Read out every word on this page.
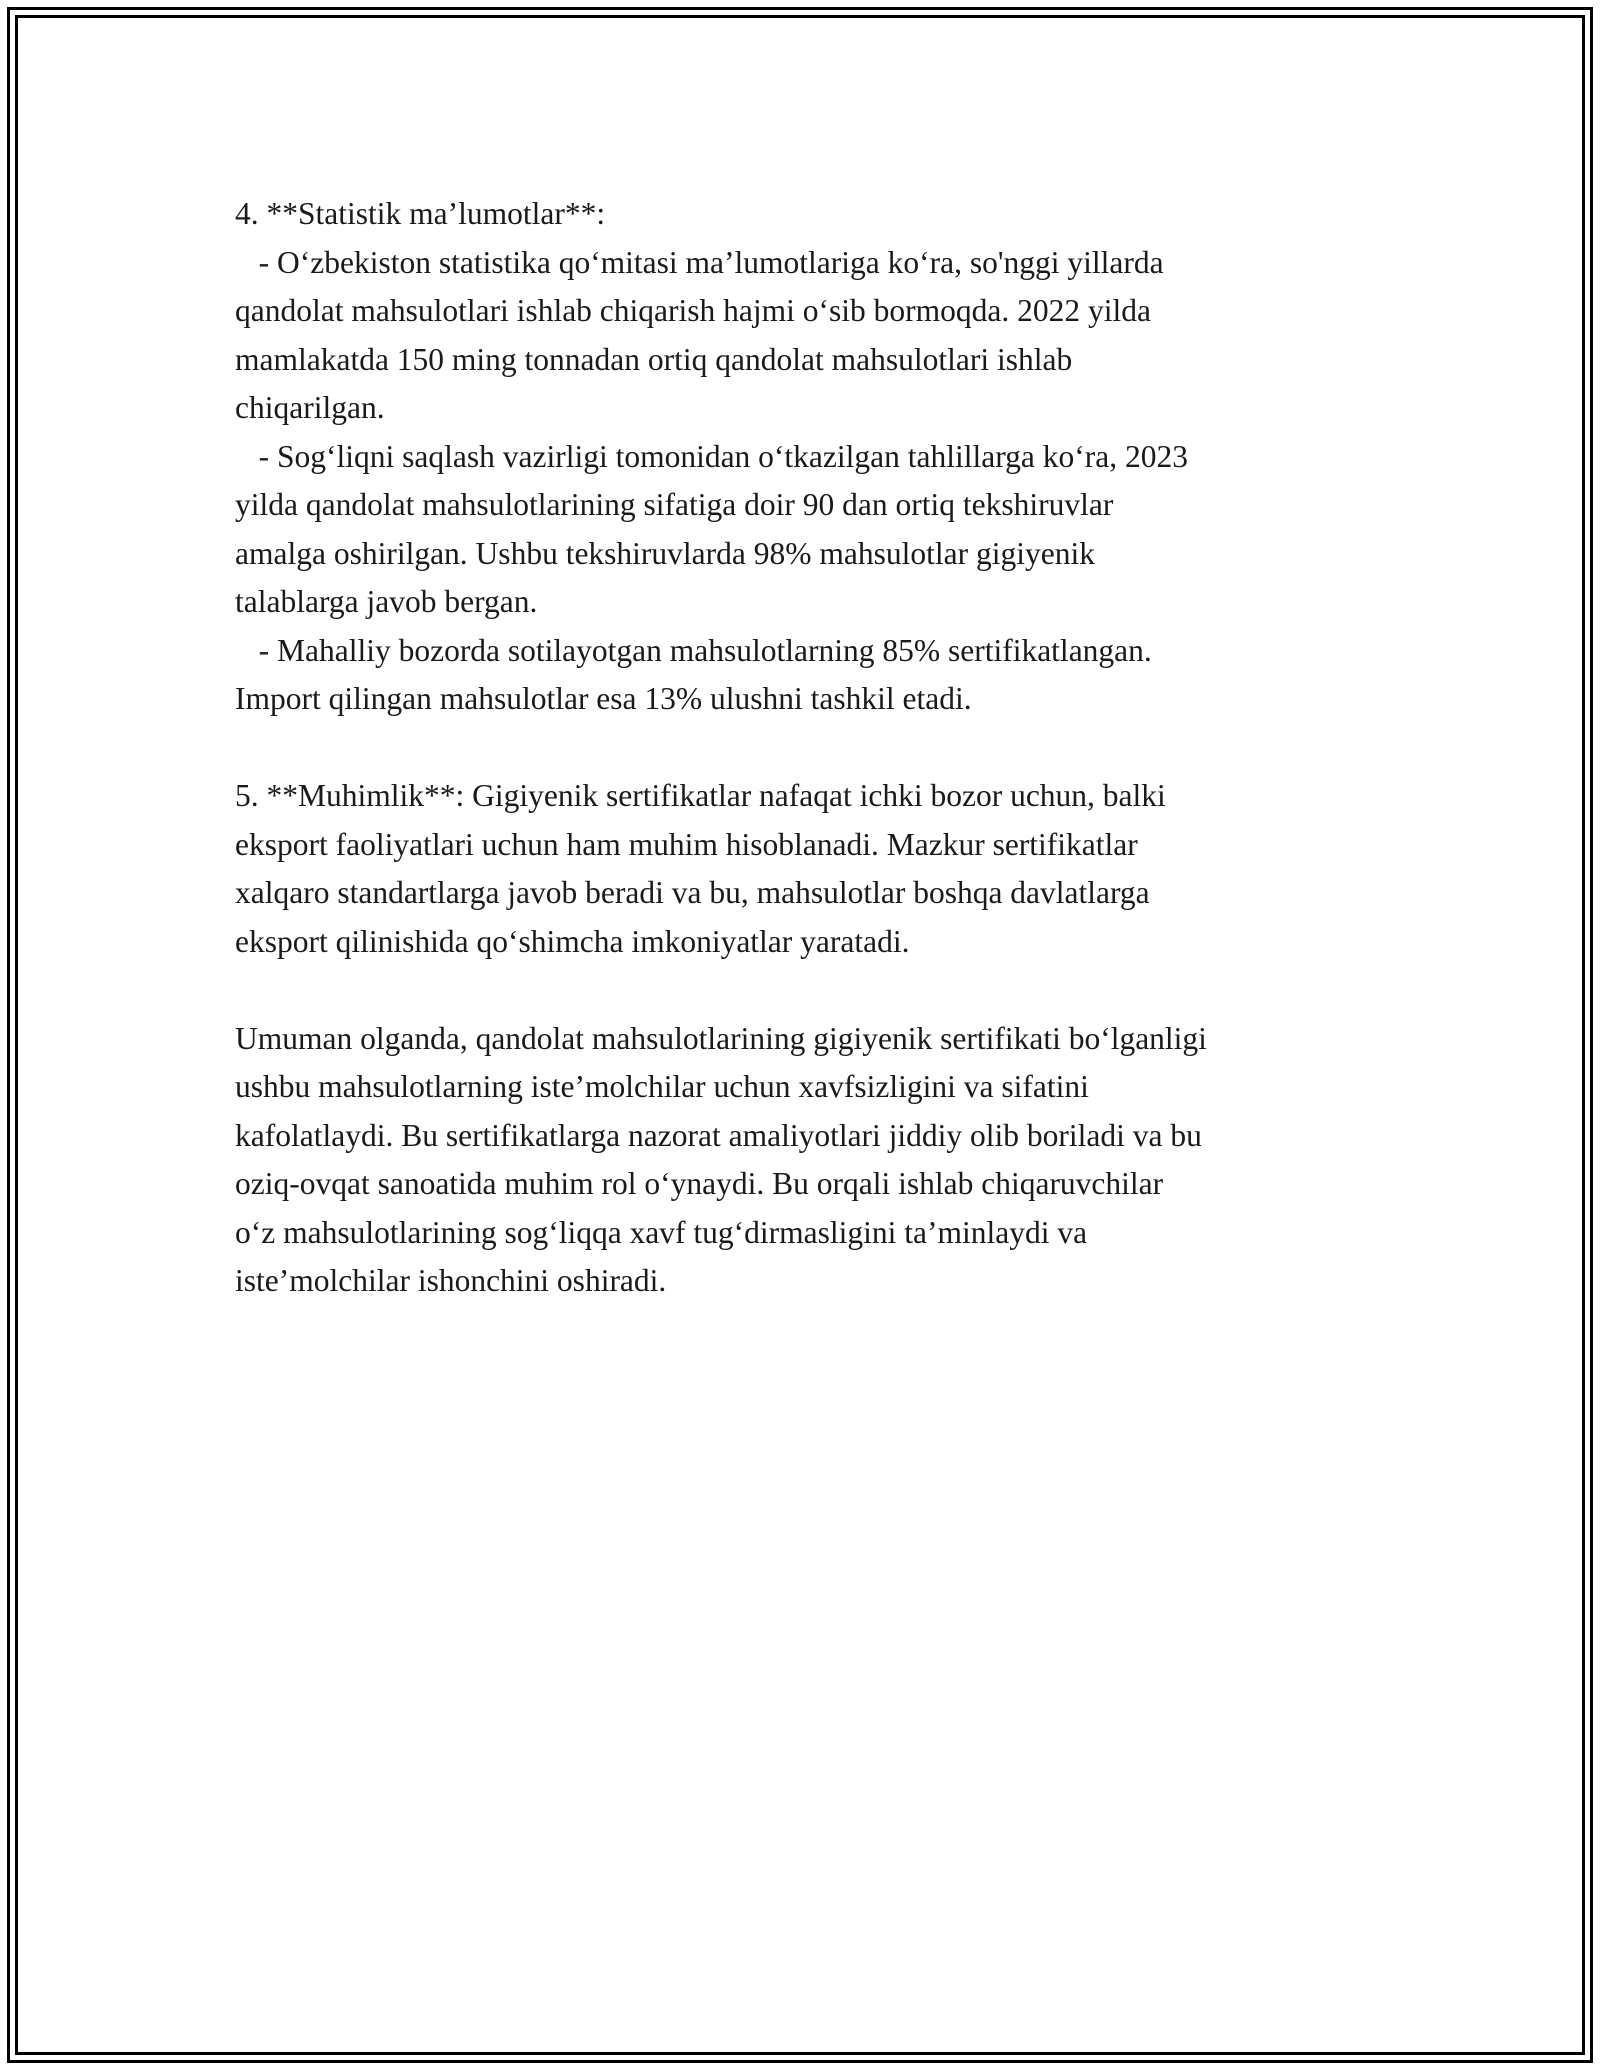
4. **Statistik ma’lumotlar**:
- O‘zbekiston statistika qo‘mitasi ma’lumotlariga ko‘ra, so'nggi yillarda
qandolat mahsulotlari ishlab chiqarish hajmi o‘sib bormoqda. 2022 yilda
mamlakatda 150 ming tonnadan ortiq qandolat mahsulotlari ishlab
chiqarilgan.
- Sog‘liqni saqlash vazirligi tomonidan o‘tkazilgan tahlillarga ko‘ra, 2023
yilda qandolat mahsulotlarining sifatiga doir 90 dan ortiq tekshiruvlar
amalga oshirilgan. Ushbu tekshiruvlarda 98% mahsulotlar gigiyenik
talablarga javob bergan.
- Mahalliy bozorda sotilayotgan mahsulotlarning 85% sertifikatlangan.
Import qilingan mahsulotlar esa 13% ulushni tashkil etadi.
5. **Muhimlik**: Gigiyenik sertifikatlar nafaqat ichki bozor uchun, balki
eksport faoliyatlari uchun ham muhim hisoblanadi. Mazkur sertifikatlar
xalqaro standartlarga javob beradi va bu, mahsulotlar boshqa davlatlarga
eksport qilinishida qo‘shimcha imkoniyatlar yaratadi.
Umuman olganda, qandolat mahsulotlarining gigiyenik sertifikati bo‘lganligi
ushbu mahsulotlarning iste’molchilar uchun xavfsizligini va sifatini
kafolatlaydi. Bu sertifikatlarga nazorat amaliyotlari jiddiy olib boriladi va bu
oziq-ovqat sanoatida muhim rol o‘ynaydi. Bu orqali ishlab chiqaruvchilar
o‘z mahsulotlarining sog‘liqqa xavf tug‘dirmasligini ta’minlaydi va
iste’molchilar ishonchini oshiradi.
